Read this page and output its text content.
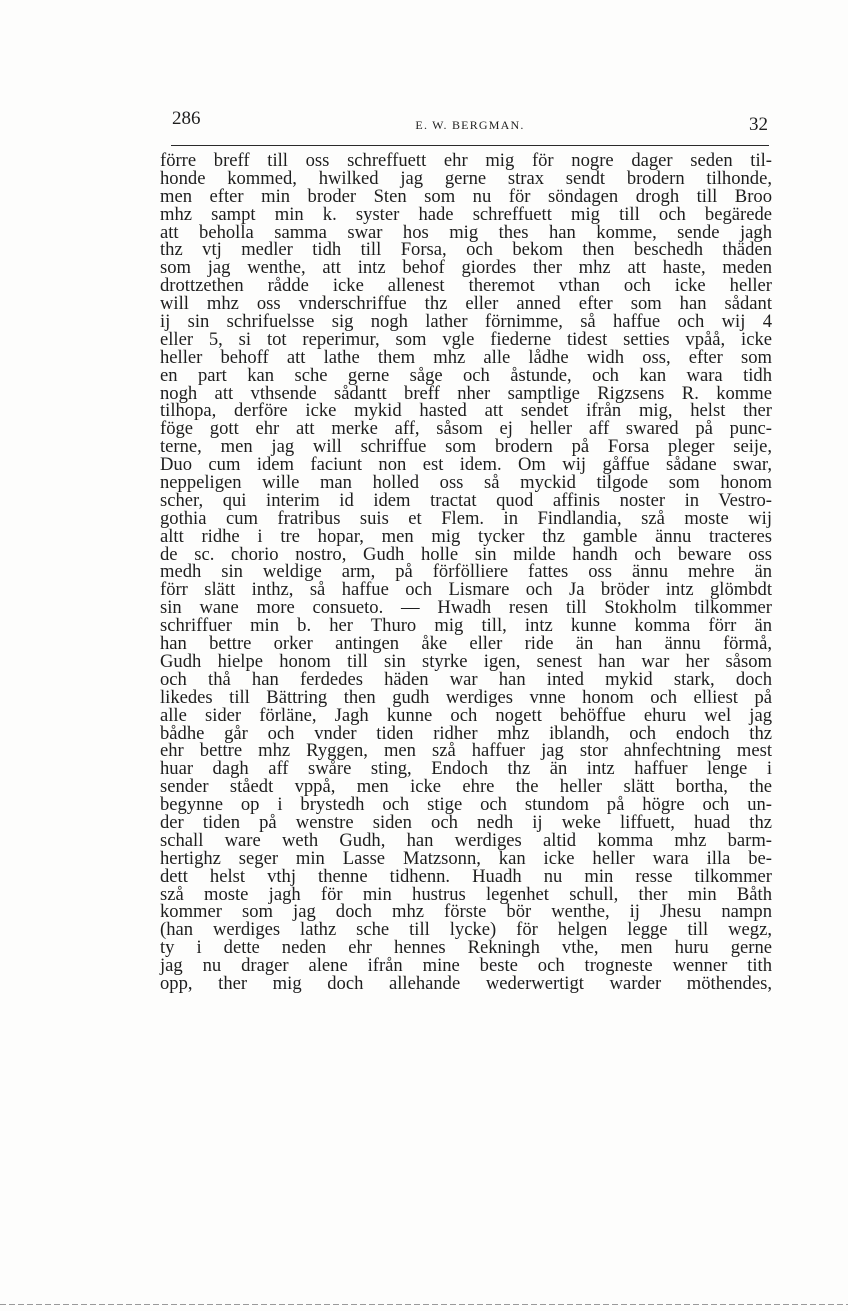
286	E. W. BERGMAN.	32
förre breff till oss schreffuett ehr mig för nogre dager seden til-
honde kommed, hwilked jag gerne strax sendt brodern tilhonde,
men efter min broder Sten som nu för söndagen drogh till Broo
mhz sampt min k. syster hade schreffuett mig till och begärede
att beholla samma swar hos mig thes han komme, sende jagh
thz vtj medler tidh till Forsa, och bekom then beschedh thäden
som jag wenthe, att intz behof giordes ther mhz att haste, meden
drottzethen rådde icke allenest theremot vthan och icke heller
will mhz oss vnderschriffue thz eller anned efter som han sådant
ij sin schrifuelsse sig nogh lather förnimme, så haffue och wij 4
eller 5, si tot reperimur, som vgle fiederne tidest setties vpåå, icke
heller behoff att lathe them mhz alle lådhe widh oss, efter som
en part kan sche gerne såge och åstunde, och kan wara tidh
nogh att vthsende sådantt breff nher samptlige Rigzsens R. komme
tilhopa, derföre icke mykid hasted att sendet ifrån mig, helst ther
föge gott ehr att merke aff, såsom ej heller aff swared på punc-
terne, men jag will schriffue som brodern på Forsa pleger seije,
Duo cum idem faciunt non est idem. Om wij gåffue sådane swar,
neppeligen wille man holled oss så myckid tilgode som honom
scher, qui interim id idem tractat quod affinis noster in Vestro-
gothia cum fratribus suis et Flem. in Findlandia, szå moste wij
altt ridhe i tre hopar, men mig tycker thz gamble ännu tracteres
de sc. chorio nostro, Gudh holle sin milde handh och beware oss
medh sin weldige arm, på förfölliere fattes oss ännu mehre än
förr slätt inthz, så haffue och Lismare och Ja bröder intz glömbdt
sin wane more consueto. — Hwadh resen till Stokholm tilkommer
schriffuer min b. her Thuro mig till, intz kunne komma förr än
han bettre orker antingen åke eller ride än han ännu förmå,
Gudh hielpe honom till sin styrke igen, senest han war her såsom
och thå han ferdedes häden war han inted mykid stark, doch
likedes till Bättring then gudh werdiges vnne honom och elliest på
alle sider förläne, Jagh kunne och nogett behöffue ehuru wel jag
bådhe går och vnder tiden ridher mhz iblandh, och endoch thz
ehr bettre mhz Ryggen, men szå haffuer jag stor ahnfechtning mest
huar dagh aff swåre sting, Endoch thz än intz haffuer lenge i
sender ståedt vppå, men icke ehre the heller slätt bortha, the
begynne op i brystedh och stige och stundom på högre och un-
der tiden på wenstre siden och nedh ij weke liffuett, huad thz
schall ware weth Gudh, han werdiges altid komma mhz barm-
hertighz seger min Lasse Matzsonn, kan icke heller wara illa be-
dett helst vthj thenne tidhenn. Huadh nu min resse tilkommer
szå moste jagh för min hustrus legenhet schull, ther min Båth
kommer som jag doch mhz förste bör wenthe, ij Jhesu nampn
(han werdiges lathz sche till lycke) för helgen legge till wegz,
ty i dette neden ehr hennes Rekningh vthe, men huru gerne
jag nu drager alene ifrån mine beste och trogneste wenner tith
opp, ther mig doch allehande wederwertigt warder möthendes,
